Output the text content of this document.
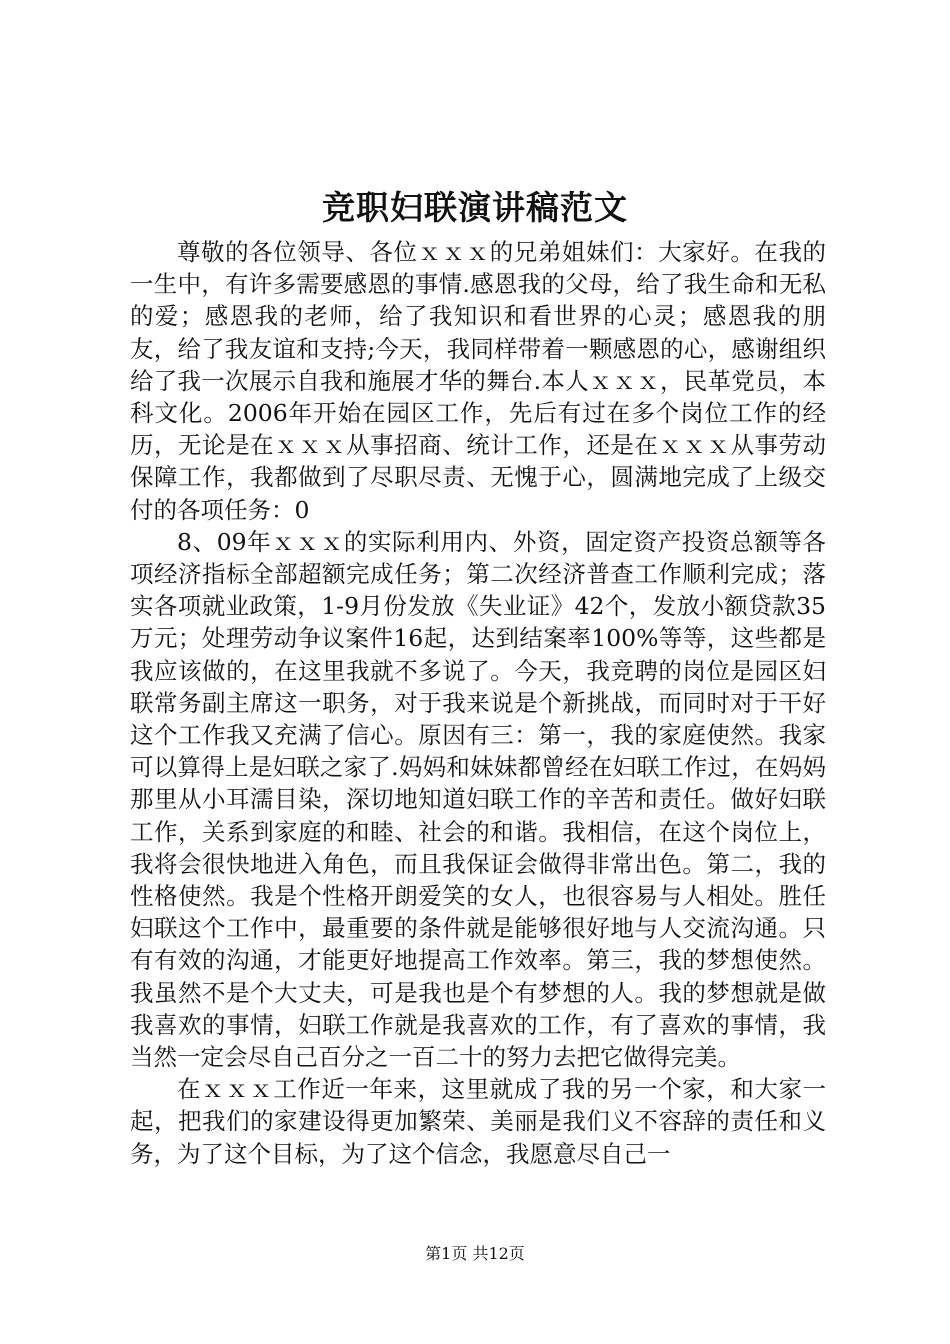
竞职妇联演讲稿范文

尊敬的各位领导、各位ｘｘｘ的兄弟姐妹们：大家好。在我的一生中，有许多需要感恩的事情.感恩我的父母，给了我生命和无私的爱；感恩我的老师，给了我知识和看世界的心灵；感恩我的朋友，给了我友谊和支持;今天，我同样带着一颗感恩的心，感谢组织给了我一次展示自我和施展才华的舞台.本人ｘｘｘ，民革党员，本科文化。2006年开始在园区工作，先后有过在多个岗位工作的经历，无论是在ｘｘｘ从事招商、统计工作，还是在ｘｘｘ从事劳动保障工作，我都做到了尽职尽责、无愧于心，圆满地完成了上级交付的各项任务：0

8、09年ｘｘｘ的实际利用内、外资，固定资产投资总额等各项经济指标全部超额完成任务；第二次经济普查工作顺利完成；落实各项就业政策，1-9月份发放《失业证》42个，发放小额贷款35万元；处理劳动争议案件16起，达到结案率100%等等，这些都是我应该做的，在这里我就不多说了。今天，我竞聘的岗位是园区妇联常务副主席这一职务，对于我来说是个新挑战，而同时对于干好这个工作我又充满了信心。原因有三：第一，我的家庭使然。我家可以算得上是妇联之家了.妈妈和妹妹都曾经在妇联工作过，在妈妈那里从小耳濡目染，深切地知道妇联工作的辛苦和责任。做好妇联工作，关系到家庭的和睦、社会的和谐。我相信，在这个岗位上，我将会很快地进入角色，而且我保证会做得非常出色。第二，我的性格使然。我是个性格开朗爱笑的女人，也很容易与人相处。胜任妇联这个工作中，最重要的条件就是能够很好地与人交流沟通。只有有效的沟通，才能更好地提高工作效率。第三，我的梦想使然。我虽然不是个大丈夫，可是我也是个有梦想的人。我的梦想就是做我喜欢的事情，妇联工作就是我喜欢的工作，有了喜欢的事情，我当然一定会尽自己百分之一百二十的努力去把它做得完美。

在ｘｘｘ工作近一年来，这里就成了我的另一个家，和大家一起，把我们的家建设得更加繁荣、美丽是我们义不容辞的责任和义务，为了这个目标，为了这个信念，我愿意尽自己一

第1页 共12页
